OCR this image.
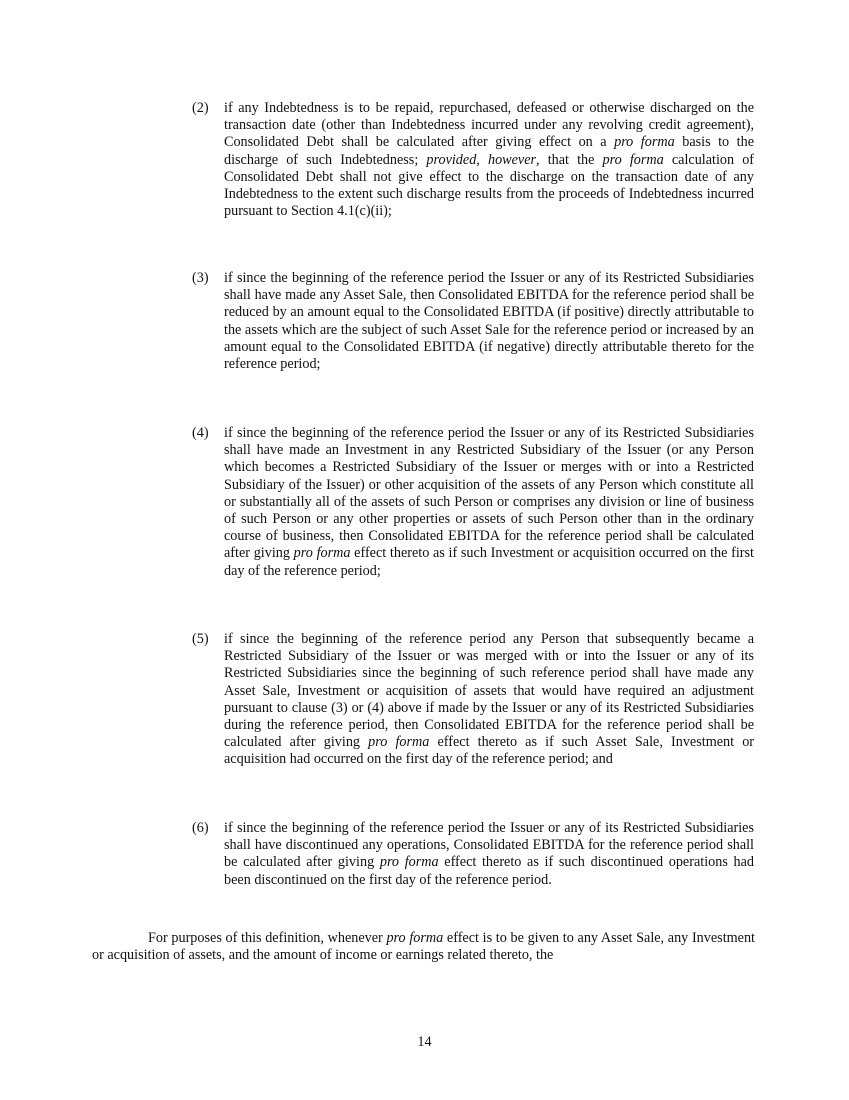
(2) if any Indebtedness is to be repaid, repurchased, defeased or otherwise discharged on the transaction date (other than Indebtedness incurred under any revolving credit agreement), Consolidated Debt shall be calculated after giving effect on a pro forma basis to the discharge of such Indebtedness; provided, however, that the pro forma calculation of Consolidated Debt shall not give effect to the discharge on the transaction date of any Indebtedness to the extent such discharge results from the proceeds of Indebtedness incurred pursuant to Section 4.1(c)(ii);
(3) if since the beginning of the reference period the Issuer or any of its Restricted Subsidiaries shall have made any Asset Sale, then Consolidated EBITDA for the reference period shall be reduced by an amount equal to the Consolidated EBITDA (if positive) directly attributable to the assets which are the subject of such Asset Sale for the reference period or increased by an amount equal to the Consolidated EBITDA (if negative) directly attributable thereto for the reference period;
(4) if since the beginning of the reference period the Issuer or any of its Restricted Subsidiaries shall have made an Investment in any Restricted Subsidiary of the Issuer (or any Person which becomes a Restricted Subsidiary of the Issuer or merges with or into a Restricted Subsidiary of the Issuer) or other acquisition of the assets of any Person which constitute all or substantially all of the assets of such Person or comprises any division or line of business of such Person or any other properties or assets of such Person other than in the ordinary course of business, then Consolidated EBITDA for the reference period shall be calculated after giving pro forma effect thereto as if such Investment or acquisition occurred on the first day of the reference period;
(5) if since the beginning of the reference period any Person that subsequently became a Restricted Subsidiary of the Issuer or was merged with or into the Issuer or any of its Restricted Subsidiaries since the beginning of such reference period shall have made any Asset Sale, Investment or acquisition of assets that would have required an adjustment pursuant to clause (3) or (4) above if made by the Issuer or any of its Restricted Subsidiaries during the reference period, then Consolidated EBITDA for the reference period shall be calculated after giving pro forma effect thereto as if such Asset Sale, Investment or acquisition had occurred on the first day of the reference period; and
(6) if since the beginning of the reference period the Issuer or any of its Restricted Subsidiaries shall have discontinued any operations, Consolidated EBITDA for the reference period shall be calculated after giving pro forma effect thereto as if such discontinued operations had been discontinued on the first day of the reference period.
For purposes of this definition, whenever pro forma effect is to be given to any Asset Sale, any Investment or acquisition of assets, and the amount of income or earnings related thereto, the
14
